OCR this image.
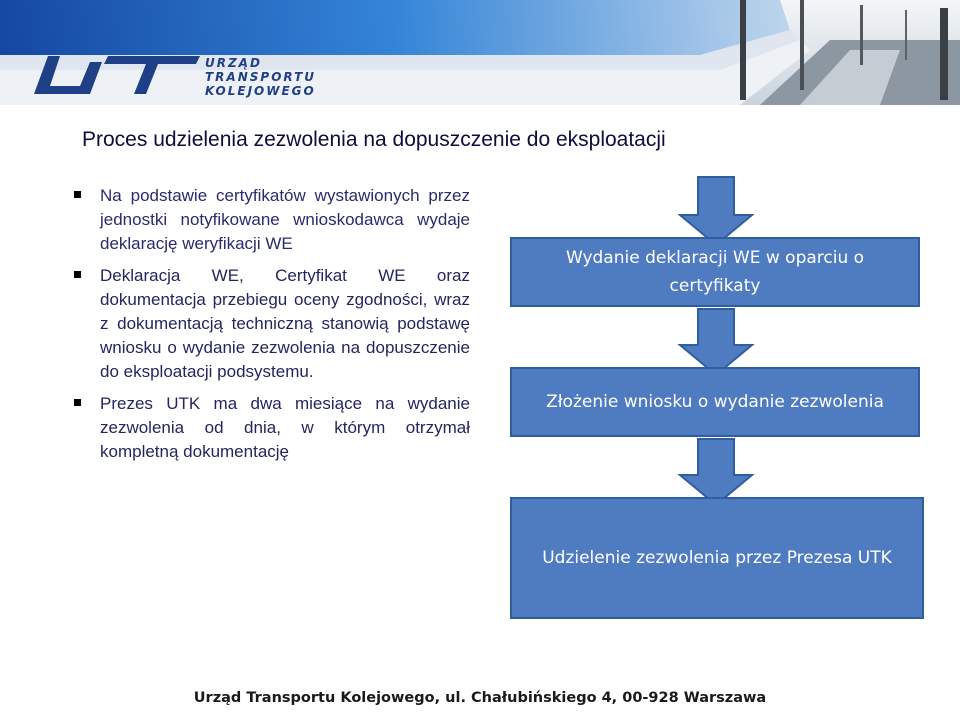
URZĄD
TRANSPORTU
KOLEJOWEGO
Proces udzielenia zezwolenia na dopuszczenie do eksploatacji
Na podstawie certyfikatów wystawionych przez jednostki notyfikowane wnioskodawca wydaje deklarację weryfikacji WE
Deklaracja WE, Certyfikat WE oraz dokumentacja przebiegu oceny zgodności, wraz z dokumentacją techniczną stanowią podstawę wniosku o wydanie zezwolenia na dopuszczenie do eksploatacji podsystemu.
Prezes UTK ma dwa miesiące na wydanie zezwolenia od dnia, w którym otrzymał kompletną dokumentację
Wydanie deklaracji WE w oparciu o certyfikaty
Złożenie wniosku o wydanie zezwolenia
Udzielenie zezwolenia przez Prezesa UTK
Urząd Transportu Kolejowego, ul. Chałubińskiego 4, 00-928 Warszawa
